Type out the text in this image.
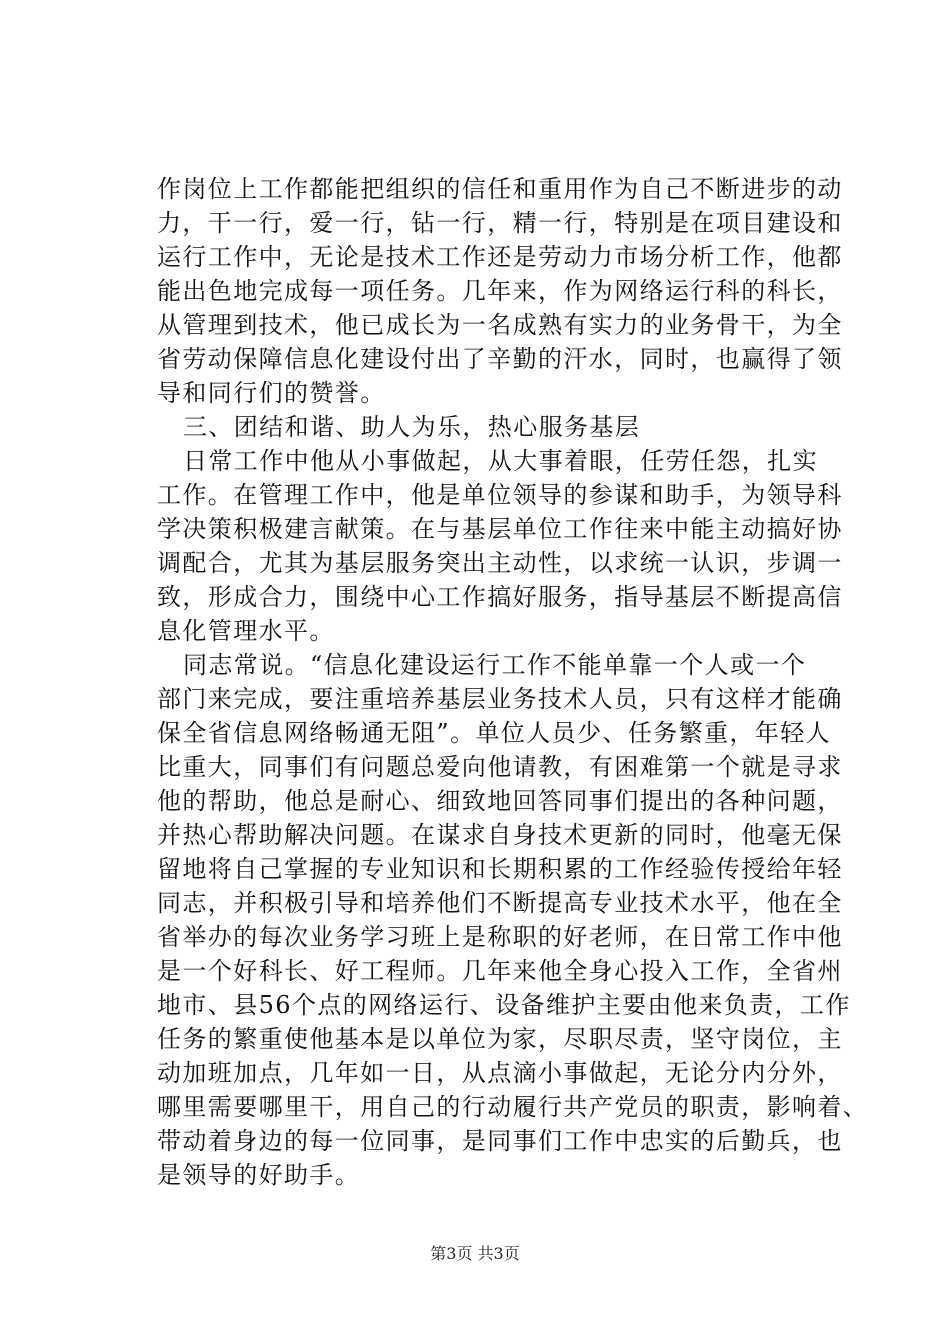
作岗位上工作都能把组织的信任和重用作为自己不断进步的动
力，干一行，爱一行，钻一行，精一行，特别是在项目建设和
运行工作中，无论是技术工作还是劳动力市场分析工作，他都
能出色地完成每一项任务。几年来，作为网络运行科的科长，
从管理到技术，他已成长为一名成熟有实力的业务骨干，为全
省劳动保障信息化建设付出了辛勤的汗水，同时，也赢得了领
导和同行们的赞誉。
三、团结和谐、助人为乐，热心服务基层
日常工作中他从小事做起，从大事着眼，任劳任怨，扎实
工作。在管理工作中，他是单位领导的参谋和助手，为领导科
学决策积极建言献策。在与基层单位工作往来中能主动搞好协
调配合，尤其为基层服务突出主动性，以求统一认识，步调一
致，形成合力，围绕中心工作搞好服务，指导基层不断提高信
息化管理水平。
同志常说。“信息化建设运行工作不能单靠一个人或一个
部门来完成，要注重培养基层业务技术人员，只有这样才能确
保全省信息网络畅通无阻”。单位人员少、任务繁重，年轻人
比重大，同事们有问题总爱向他请教，有困难第一个就是寻求
他的帮助，他总是耐心、细致地回答同事们提出的各种问题，
并热心帮助解决问题。在谋求自身技术更新的同时，他毫无保
留地将自己掌握的专业知识和长期积累的工作经验传授给年轻
同志，并积极引导和培养他们不断提高专业技术水平，他在全
省举办的每次业务学习班上是称职的好老师，在日常工作中他
是一个好科长、好工程师。几年来他全身心投入工作，全省州
地市、县56个点的网络运行、设备维护主要由他来负责，工作
任务的繁重使他基本是以单位为家，尽职尽责，坚守岗位，主
动加班加点，几年如一日，从点滴小事做起，无论分内分外，
哪里需要哪里干，用自己的行动履行共产党员的职责，影响着、
带动着身边的每一位同事，是同事们工作中忠实的后勤兵，也
是领导的好助手。
第3页 共3页
